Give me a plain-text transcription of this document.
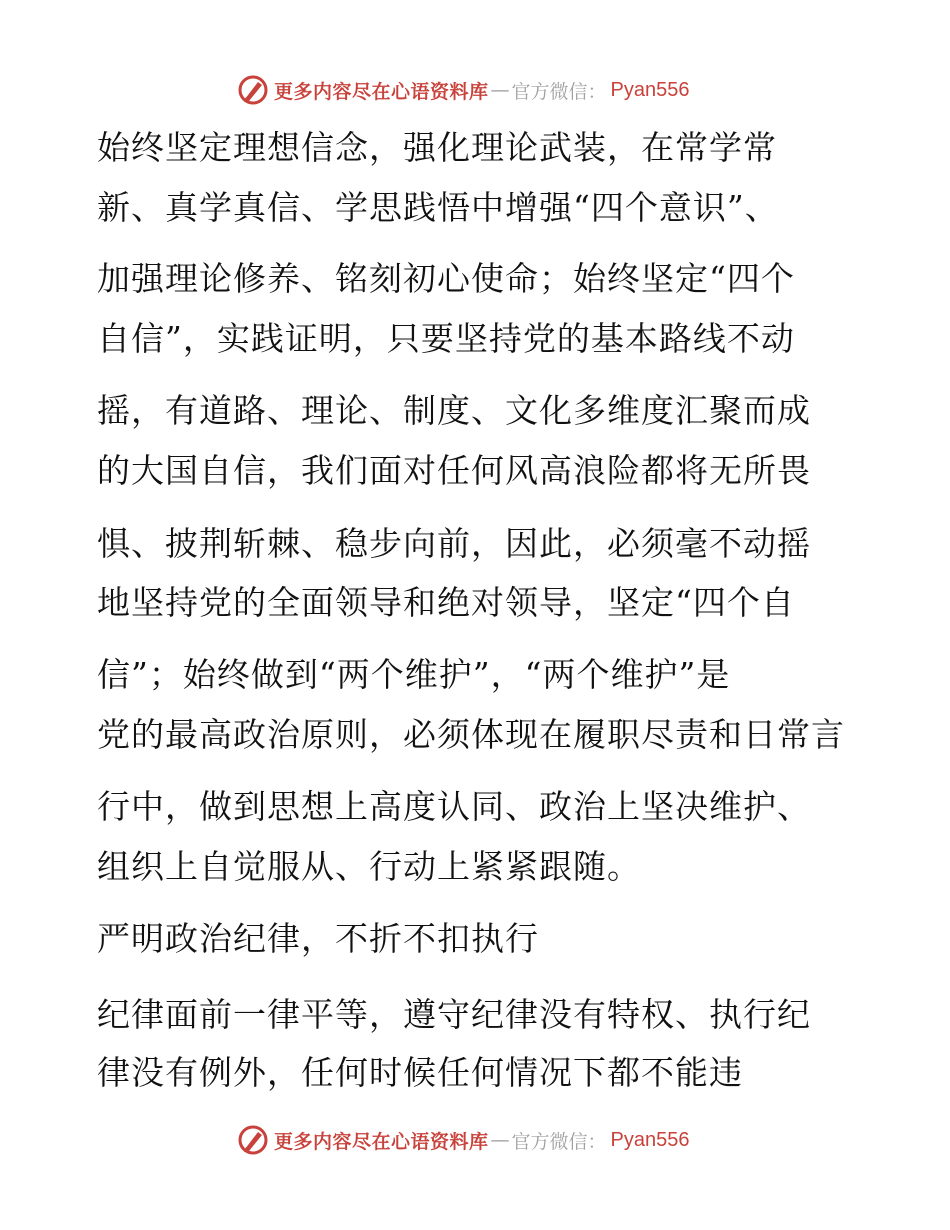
更多内容尽在心语资料库 — 官方微信： Pyan556
始终坚定理想信念，强化理论武装，在常学常
新、真学真信、学思践悟中增强“四个意识”、
加强理论修养、铭刻初心使命；始终坚定“四个
自信”，实践证明，只要坚持党的基本路线不动
摇，有道路、理论、制度、文化多维度汇聚而成
的大国自信，我们面对任何风高浪险都将无所畏
惧、披荆斩棘、稳步向前，因此，必须毫不动摇
地坚持党的全面领导和绝对领导，坚定“四个自
信”；始终做到“两个维护”，“两个维护”是
党的最高政治原则，必须体现在履职尽责和日常言
行中，做到思想上高度认同、政治上坚决维护、
组织上自觉服从、行动上紧紧跟随。
严明政治纪律，不折不扣执行
纪律面前一律平等，遵守纪律没有特权、执行纪
律没有例外，任何时候任何情况下都不能违
更多内容尽在心语资料库 — 官方微信： Pyan556
